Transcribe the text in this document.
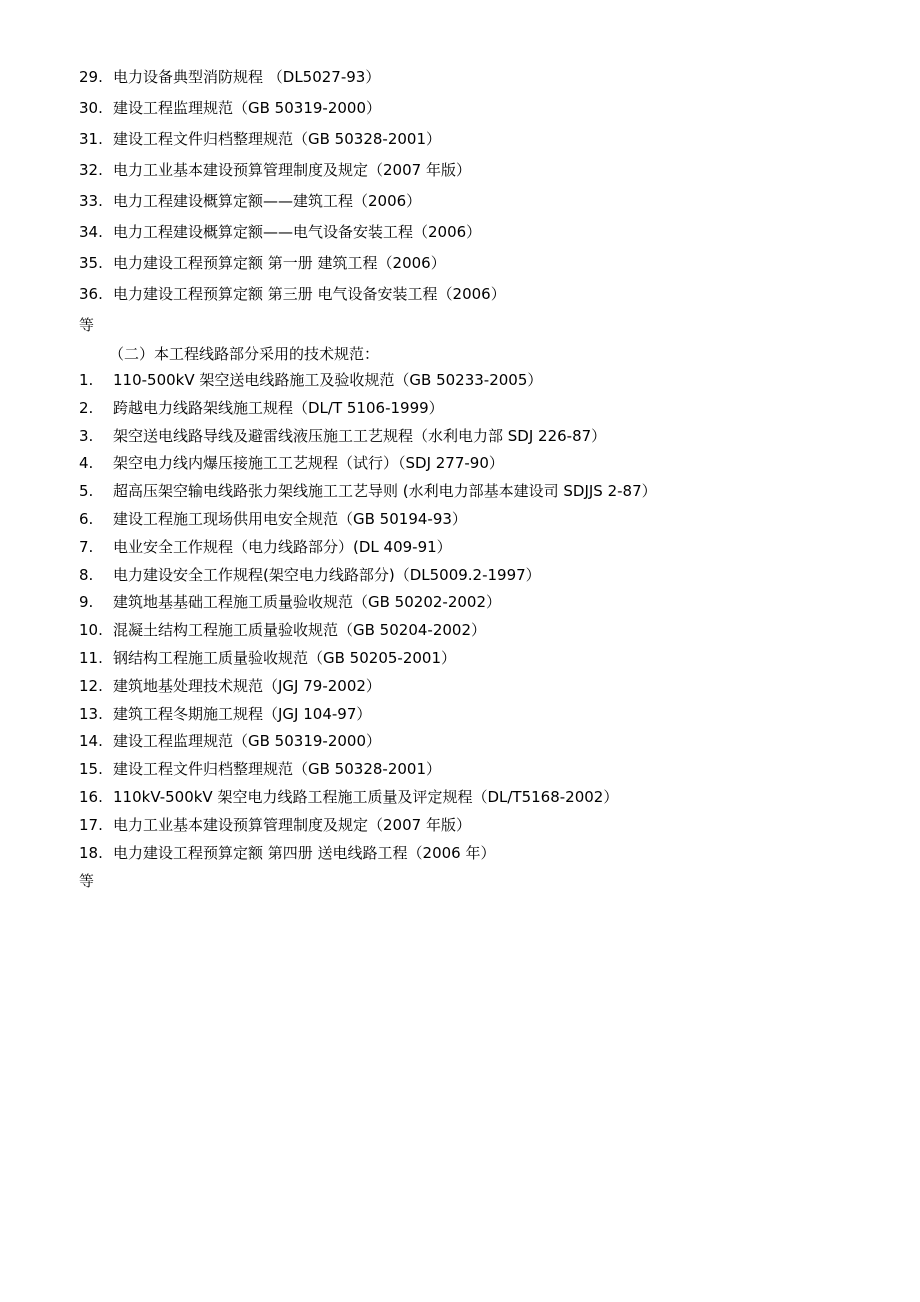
29. 电力设备典型消防规程 （DL5027-93）
30. 建设工程监理规范（GB 50319-2000）
31. 建设工程文件归档整理规范（GB 50328-2001）
32. 电力工业基本建设预算管理制度及规定（2007 年版）
33. 电力工程建设概算定额——建筑工程（2006）
34. 电力工程建设概算定额——电气设备安装工程（2006）
35. 电力建设工程预算定额 第一册 建筑工程（2006）
36. 电力建设工程预算定额 第三册 电气设备安装工程（2006）
等
（二）本工程线路部分采用的技术规范：
1. 110-500kV 架空送电线路施工及验收规范（GB 50233-2005）
2. 跨越电力线路架线施工规程（DL/T 5106-1999）
3. 架空送电线路导线及避雷线液压施工工艺规程（水利电力部 SDJ 226-87）
4. 架空电力线内爆压接施工工艺规程（试行）（SDJ 277-90）
5. 超高压架空输电线路张力架线施工工艺导则 (水利电力部基本建设司 SDJJS 2-87）
6. 建设工程施工现场供用电安全规范（GB 50194-93）
7. 电业安全工作规程（电力线路部分）(DL 409-91）
8. 电力建设安全工作规程(架空电力线路部分)（DL5009.2-1997）
9. 建筑地基基础工程施工质量验收规范（GB 50202-2002）
10. 混凝土结构工程施工质量验收规范（GB 50204-2002）
11. 钢结构工程施工质量验收规范（GB 50205-2001）
12. 建筑地基处理技术规范（JGJ 79-2002）
13. 建筑工程冬期施工规程（JGJ 104-97）
14. 建设工程监理规范（GB 50319-2000）
15. 建设工程文件归档整理规范（GB 50328-2001）
16. 110kV-500kV 架空电力线路工程施工质量及评定规程（DL/T5168-2002）
17. 电力工业基本建设预算管理制度及规定（2007 年版）
18. 电力建设工程预算定额 第四册 送电线路工程（2006 年）
等
